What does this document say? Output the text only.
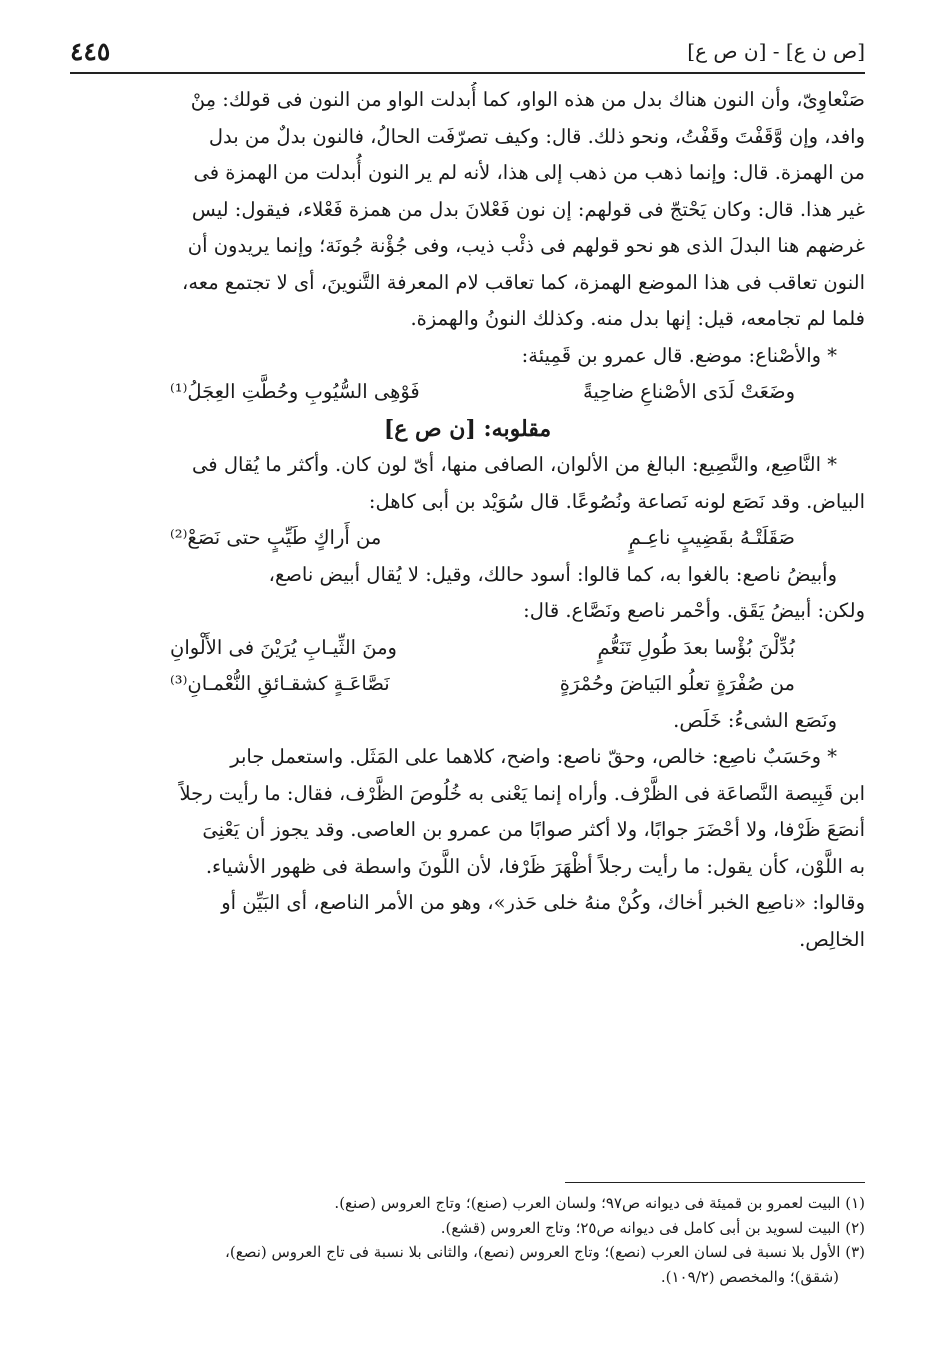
٤٤٥	[ص ن ع] - [ن ص ع]

صَنْعاوِىّ، وأن النون هناك بدل من هذه الواو، كما أُبدلت الواو من النون فى قولك: مِنْ

وافد، وإن وَّقَفْتَ وقَفْتُ، ونحو ذلك. قال: وكيف تصرّفَت الحالُ، فالنون بدلٌ من بدل

من الهمزة. قال: وإنما ذهب من ذهب إلى هذا، لأنه لم ير النون أُبدلت من الهمزة فى

غير هذا. قال: وكان يَحْتجّ فى قولهم: إن نون فَعْلانَ بدل من همزة فَعْلاء، فيقول: ليس

غرضهم هنا البدلَ الذى هو نحو قولهم فى ذئْب ذيب، وفى جُؤْنة جُونَة؛ وإنما يريدون أن

النون تعاقب فى هذا الموضع الهمزة، كما تعاقب لام المعرفة التَّنوينَ، أى لا تجتمع معه،

فلما لم تجامعه، قيل: إنها بدل منه. وكذلك النونُ والهمزة.

* والأصْناع: موضع. قال عمرو بن قَمِيئة:

وضَعَتْ لَدَى الأصْناعِ ضاحِيةً
فَوْهِى السُّيُوبِ وحُطَّتِ العِجَلُ⁽¹⁾

مقلوبه: [ن ص ع]

* النَّاصِع، والنَّصِيع: البالغ من الألوان، الصافى منها، أىّ لون كان. وأكثر ما يُقال فى

البياض. وقد نَصَع لونه نَصاعة ونُصُوعًا. قال سُوَيْد بن أبى كاهل:

صَقَلَتْـهُ بقَضِيبٍ ناعِـمٍ
من أَراكٍ طَيِّبٍ حتى نَصَعْ⁽²⁾

وأبيضُ ناصع: بالغوا به، كما قالوا: أسود حالك، وقيل: لا يُقال أبيض ناصع،

ولكن: أبيضُ يَقَق. وأحْمر ناصع ونَصَّاع. قال:

بُدِّلْنَ بُؤْسا بعدَ طُولِ تَنَعُّمٍ
ومنَ الثِّيـابِ يُرَيْنَ فى الأَلْوانِ
من صُفْرَةٍ تعلُو البَياضَ وحُمْرَةٍ
نَصَّاعَـةٍ كشقـائقِ النُّعْمـانِ⁽³⁾

ونَصَع الشىءُ: خَلَص.

* وحَسَبٌ ناصِع: خالص، وحقّ ناصع: واضح، كلاهما على المَثَل. واستعمل جابر

ابن قَبِيصة النَّصاعَة فى الظَّرْف. وأراه إنما يَعْنى به خُلُوصَ الظَّرْف، فقال: ما رأيت رجلاً

أنصَعَ ظَرْفا، ولا أحْضَرَ جوابًا، ولا أكثر صوابًا من عمرو بن العاصى. وقد يجوز أن يَعْنِىَ

به اللَّوْن، كأن يقول: ما رأيت رجلاً أظْهَرَ ظَرْفا، لأن اللَّونَ واسطة فى ظهور الأشياء.

وقالوا: «ناصِع الخبر أخاك، وكُنْ منهُ خلى حَذر»، وهو من الأمر الناصع، أى البَيِّن أو

الخالِص.

(١) البيت لعمرو بن قميئة فى ديوانه ص٩٧؛ ولسان العرب (صنع)؛ وتاج العروس (صنع).

(٢) البيت لسويد بن أبى كامل فى ديوانه ص٢٥؛ وتاج العروس (قشع).

(٣) الأول بلا نسبة فى لسان العرب (نصع)؛ وتاج العروس (نصع)، والثانى بلا نسبة فى تاج العروس (نصع)،

(شقق)؛ والمخصص (١٠٩/٢).
